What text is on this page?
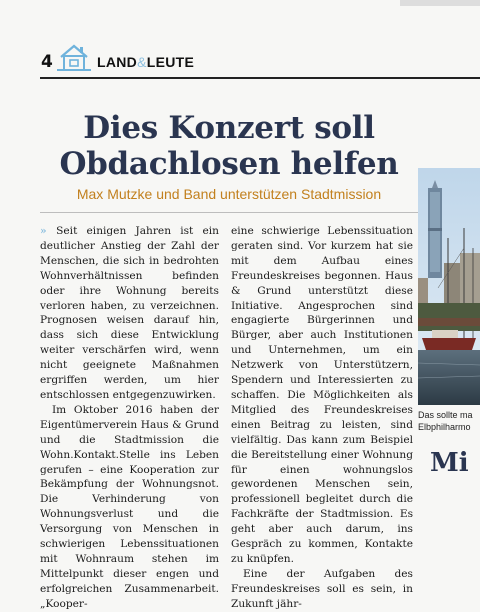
4	LAND&LEUTE
Dies Konzert soll
Obdachlosen helfen
Max Mutzke und Band unterstützen Stadtmission

» Seit einigen Jahren ist ein deutlicher Anstieg der Zahl der Menschen, die sich in bedrohten Wohnverhältnissen befinden oder ihre Wohnung bereits verloren haben, zu verzeichnen. Prognosen weisen darauf hin, dass sich diese Entwicklung weiter verschärfen wird, wenn nicht geeignete Maßnahmen ergriffen werden, um hier entschlossen entgegenzuwirken.

Im Oktober 2016 haben der Eigentümerverein Haus & Grund und die Stadtmission die Wohn.Kontakt.Stelle ins Leben gerufen – eine Kooperation zur Bekämpfung der Wohnungsnot. Die Verhinderung von Wohnungsverlust und die Versorgung von Menschen in schwierigen Lebenssituationen mit Wohnraum stehen im Mittelpunkt dieser engen und erfolgreichen Zusammenarbeit. „Kooper-

eine schwierige Lebenssituation geraten sind. Vor kurzem hat sie mit dem Aufbau eines Freundeskreises begonnen. Haus & Grund unterstützt diese Initiative. Angesprochen sind engagierte Bürgerinnen und Bürger, aber auch Institutionen und Unternehmen, um ein Netzwerk von Unterstützern, Spendern und Interessierten zu schaffen. Die Möglichkeiten als Mitglied des Freundeskreises einen Beitrag zu leisten, sind vielfältig. Das kann zum Beispiel die Bereitstellung einer Wohnung für einen wohnungslos gewordenen Menschen sein, professionell begleitet durch die Fachkräfte der Stadtmission. Es geht aber auch darum, ins Gespräch zu kommen, Kontakte zu knüpfen.

Eine der Aufgaben des Freundeskreises soll es sein, in Zukunft jähr-

Das sollte ma
Elbphilharmo
Mi
